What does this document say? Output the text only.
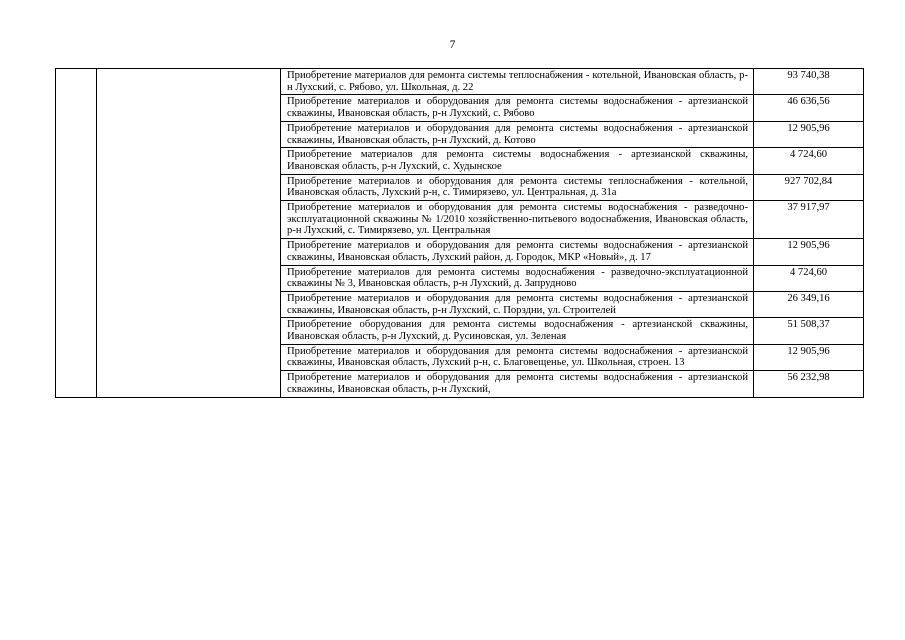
7
		Приобретение материалов для ремонта системы теплоснабжения - котельной, Ивановская область, р-н Лухский, с. Рябово, ул. Школьная, д. 22	93 740,38
		Приобретение материалов и оборудования для ремонта системы водоснабжения - артезианской скважины, Ивановская область, р-н Лухский, с. Рябово	46 636,56
		Приобретение материалов и оборудования для ремонта системы водоснабжения - артезианской скважины, Ивановская область, р-н Лухский, д. Котово	12 905,96
		Приобретение материалов для ремонта системы водоснабжения - артезианской скважины, Ивановская область, р-н Лухский, с. Худынское	4 724,60
		Приобретение материалов и оборудования для ремонта системы теплоснабжения - котельной, Ивановская область, Лухский р-н, с. Тимирязево, ул. Центральная, д. 31а	927 702,84
		Приобретение материалов и оборудования для ремонта системы водоснабжения - разведочно-эксплуатационной скважины № 1/2010 хозяйственно-питьевого водоснабжения, Ивановская область, р-н Лухский, с. Тимирязево, ул. Центральная	37 917,97
		Приобретение материалов и оборудования для ремонта системы водоснабжения - артезианской скважины, Ивановская область, Лухский район, д. Городок, МКР «Новый», д. 17	12 905,96
		Приобретение материалов для ремонта системы водоснабжения - разведочно-эксплуатационной скважины № 3, Ивановская область, р-н Лухский, д. Запрудново	4 724,60
		Приобретение материалов и оборудования для ремонта системы водоснабжения - артезианской скважины, Ивановская область, р-н Лухский, с. Порздни, ул. Строителей	26 349,16
		Приобретение оборудования для ремонта системы водоснабжения - артезианской скважины, Ивановская область, р-н Лухский, д. Русиновская, ул. Зеленая	51 508,37
		Приобретение материалов и оборудования для ремонта системы водоснабжения - артезианской скважины, Ивановская область, Лухский р-н, с. Благовещенье, ул. Школьная, строен. 13	12 905,96
		Приобретение материалов и оборудования для ремонта системы водоснабжения - артезианской скважины, Ивановская область, р-н Лухский,	56 232,98
